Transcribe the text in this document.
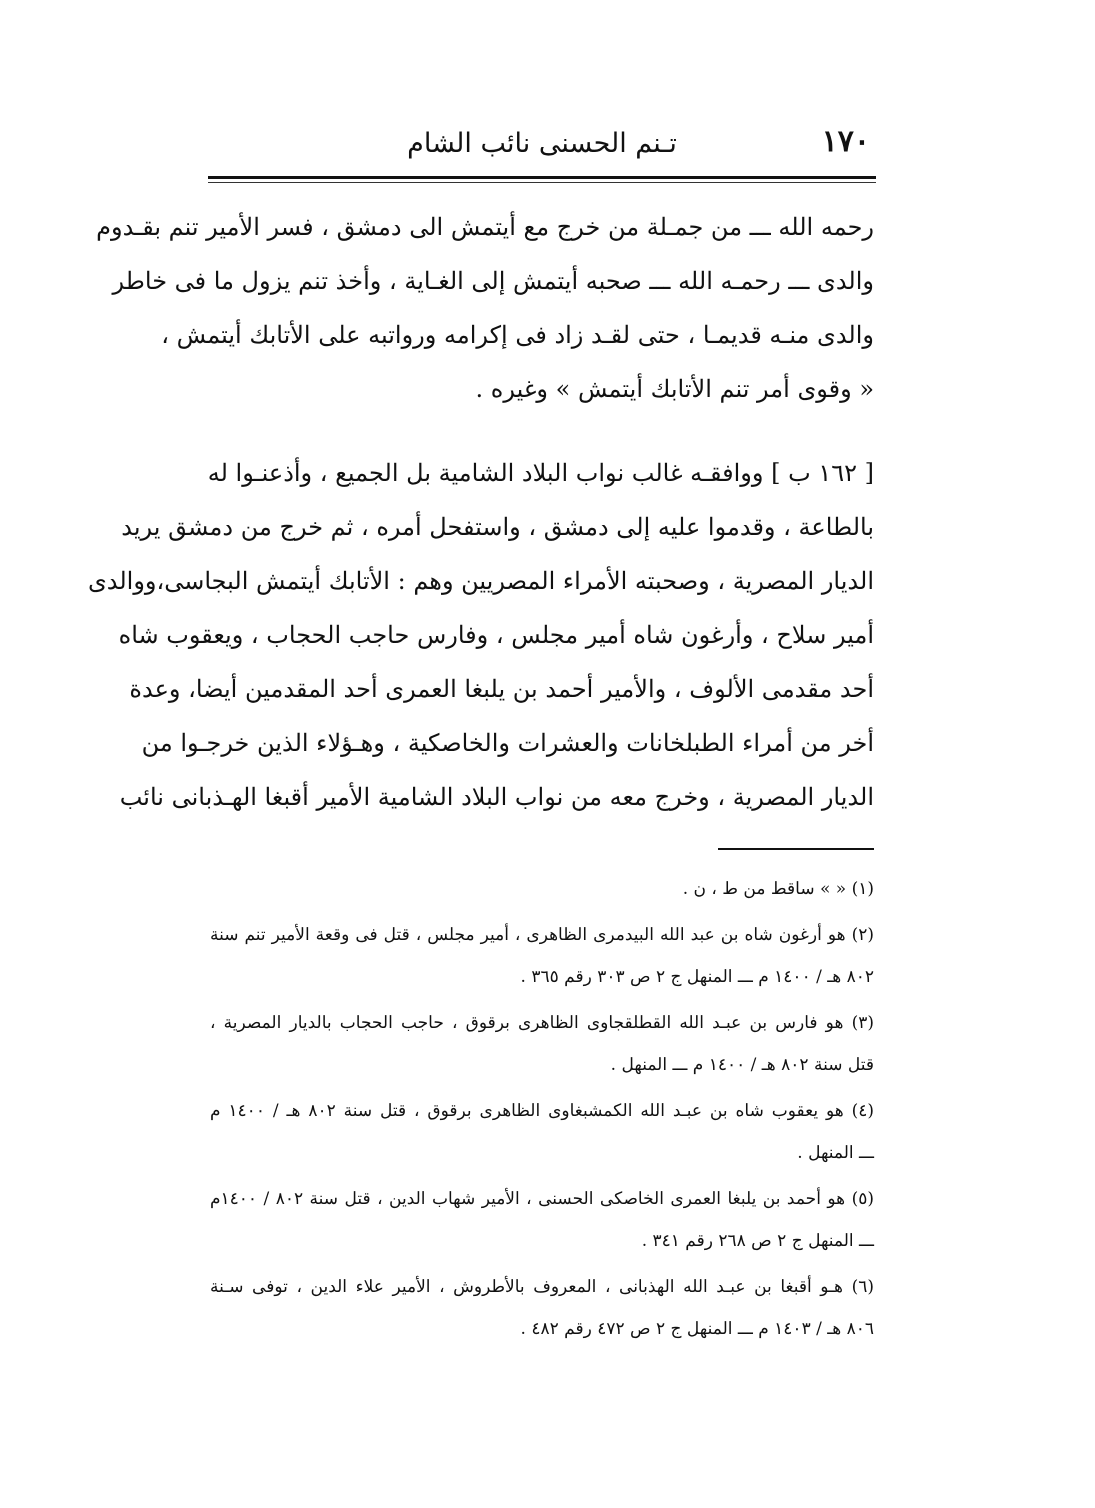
١٧٠
تـنم الحسنى نائب الشام
رحمه الله ـــ من جمـلة من خرج مع أيتمش الى دمشق ، فسر الأمير تنم بقـدوم
والدى ـــ رحمـه الله ـــ صحبه أيتمش إلى الغـاية ، وأخذ تنم يزول ما فى خاطر
والدى منـه قديمـا ، حتى لقـد زاد فى إكرامه ورواتبه على الأتابك أيتمش ،
« وقوى أمر تنم الأتابك أيتمش » وغيره .
[ ١٦٢ ب ] ووافقـه غالب نواب البلاد الشامية بل الجميع ، وأذعنـوا له
بالطاعة ، وقدموا عليه إلى دمشق ، واستفحل أمره ، ثم خرج من دمشق يريد
الديار المصرية ، وصحبته الأمراء المصريين وهم : الأتابك أيتمش البجاسى،ووالدى
أمير سلاح ، وأرغون شاه أمير مجلس ، وفارس حاجب الحجاب ، ويعقوب شاه
أحد مقدمى الألوف ، والأمير أحمد بن يلبغا العمرى أحد المقدمين أيضا، وعدة
أخر من أمراء الطبلخانات والعشرات والخاصكية ، وهـؤلاء الذين خرجـوا من
الديار المصرية ، وخرج معه من نواب البلاد الشامية الأمير أقبغا الهـذبانى نائب
(١) « » ساقط من ط ، ن .
(٢) هو أرغون شاه بن عبد الله البيدمرى الظاهرى ، أمير مجلس ، قتل فى وقعة الأمير تنم سنة
٨٠٢ هـ / ١٤٠٠ م ـــ المنهل ج ٢ ص ٣٠٣ رقم ٣٦٥ .
(٣) هو فارس بن عبـد الله القطلقجاوى الظاهرى برقوق ، حاجب الحجاب بالديار المصرية ،
قتل سنة ٨٠٢ هـ / ١٤٠٠ م ـــ المنهل .
(٤) هو يعقوب شاه بن عبـد الله الكمشبغاوى الظاهرى برقوق ، قتل سنة ٨٠٢ هـ / ١٤٠٠ م
ـــ المنهل .
(٥) هو أحمد بن يلبغا العمرى الخاصكى الحسنى ، الأمير شهاب الدين ، قتل سنة ٨٠٢ / ١٤٠٠م
ـــ المنهل ج ٢ ص ٢٦٨ رقم ٣٤١ .
(٦) هـو أقبغا بن عبـد الله الهذبانى ، المعروف بالأطروش ، الأمير علاء الدين ، توفى سـنة
٨٠٦ هـ / ١٤٠٣ م ـــ المنهل ج ٢ ص ٤٧٢ رقم ٤٨٢ .
